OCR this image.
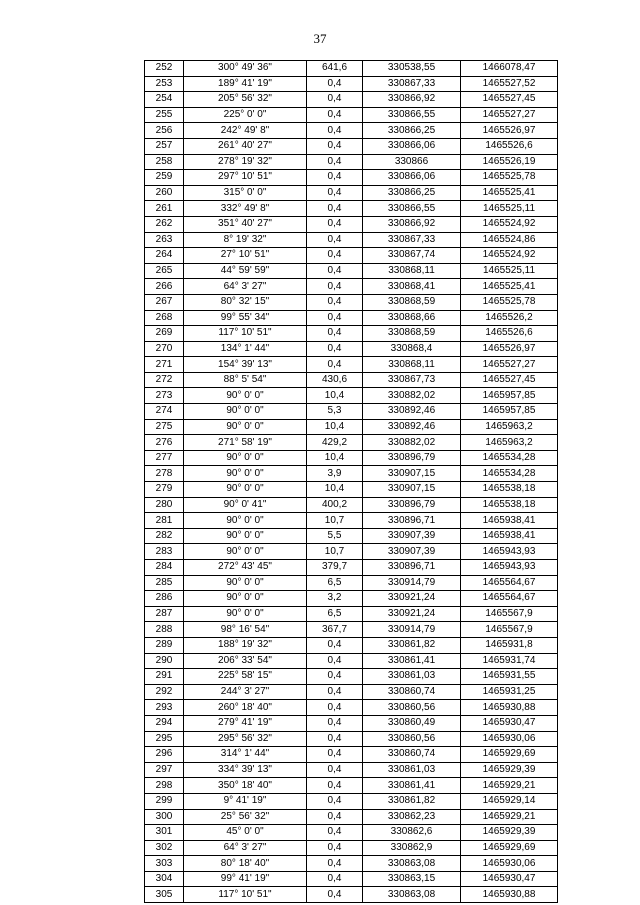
37
252	300° 49' 36"	641,6	330538,55	1466078,47
253	189° 41' 19"	0,4	330867,33	1465527,52
254	205° 56' 32"	0,4	330866,92	1465527,45
255	225° 0' 0"	0,4	330866,55	1465527,27
256	242° 49' 8"	0,4	330866,25	1465526,97
257	261° 40' 27"	0,4	330866,06	1465526,6
258	278° 19' 32"	0,4	330866	1465526,19
259	297° 10' 51"	0,4	330866,06	1465525,78
260	315° 0' 0"	0,4	330866,25	1465525,41
261	332° 49' 8"	0,4	330866,55	1465525,11
262	351° 40' 27"	0,4	330866,92	1465524,92
263	8° 19' 32"	0,4	330867,33	1465524,86
264	27° 10' 51"	0,4	330867,74	1465524,92
265	44° 59' 59"	0,4	330868,11	1465525,11
266	64° 3' 27"	0,4	330868,41	1465525,41
267	80° 32' 15"	0,4	330868,59	1465525,78
268	99° 55' 34"	0,4	330868,66	1465526,2
269	117° 10' 51"	0,4	330868,59	1465526,6
270	134° 1' 44"	0,4	330868,4	1465526,97
271	154° 39' 13"	0,4	330868,11	1465527,27
272	88° 5' 54"	430,6	330867,73	1465527,45
273	90° 0' 0"	10,4	330882,02	1465957,85
274	90° 0' 0"	5,3	330892,46	1465957,85
275	90° 0' 0"	10,4	330892,46	1465963,2
276	271° 58' 19"	429,2	330882,02	1465963,2
277	90° 0' 0"	10,4	330896,79	1465534,28
278	90° 0' 0"	3,9	330907,15	1465534,28
279	90° 0' 0"	10,4	330907,15	1465538,18
280	90° 0' 41"	400,2	330896,79	1465538,18
281	90° 0' 0"	10,7	330896,71	1465938,41
282	90° 0' 0"	5,5	330907,39	1465938,41
283	90° 0' 0"	10,7	330907,39	1465943,93
284	272° 43' 45"	379,7	330896,71	1465943,93
285	90° 0' 0"	6,5	330914,79	1465564,67
286	90° 0' 0"	3,2	330921,24	1465564,67
287	90° 0' 0"	6,5	330921,24	1465567,9
288	98° 16' 54"	367,7	330914,79	1465567,9
289	188° 19' 32"	0,4	330861,82	1465931,8
290	206° 33' 54"	0,4	330861,41	1465931,74
291	225° 58' 15"	0,4	330861,03	1465931,55
292	244° 3' 27"	0,4	330860,74	1465931,25
293	260° 18' 40"	0,4	330860,56	1465930,88
294	279° 41' 19"	0,4	330860,49	1465930,47
295	295° 56' 32"	0,4	330860,56	1465930,06
296	314° 1' 44"	0,4	330860,74	1465929,69
297	334° 39' 13"	0,4	330861,03	1465929,39
298	350° 18' 40"	0,4	330861,41	1465929,21
299	9° 41' 19"	0,4	330861,82	1465929,14
300	25° 56' 32"	0,4	330862,23	1465929,21
301	45° 0' 0"	0,4	330862,6	1465929,39
302	64° 3' 27"	0,4	330862,9	1465929,69
303	80° 18' 40"	0,4	330863,08	1465930,06
304	99° 41' 19"	0,4	330863,15	1465930,47
305	117° 10' 51"	0,4	330863,08	1465930,88
